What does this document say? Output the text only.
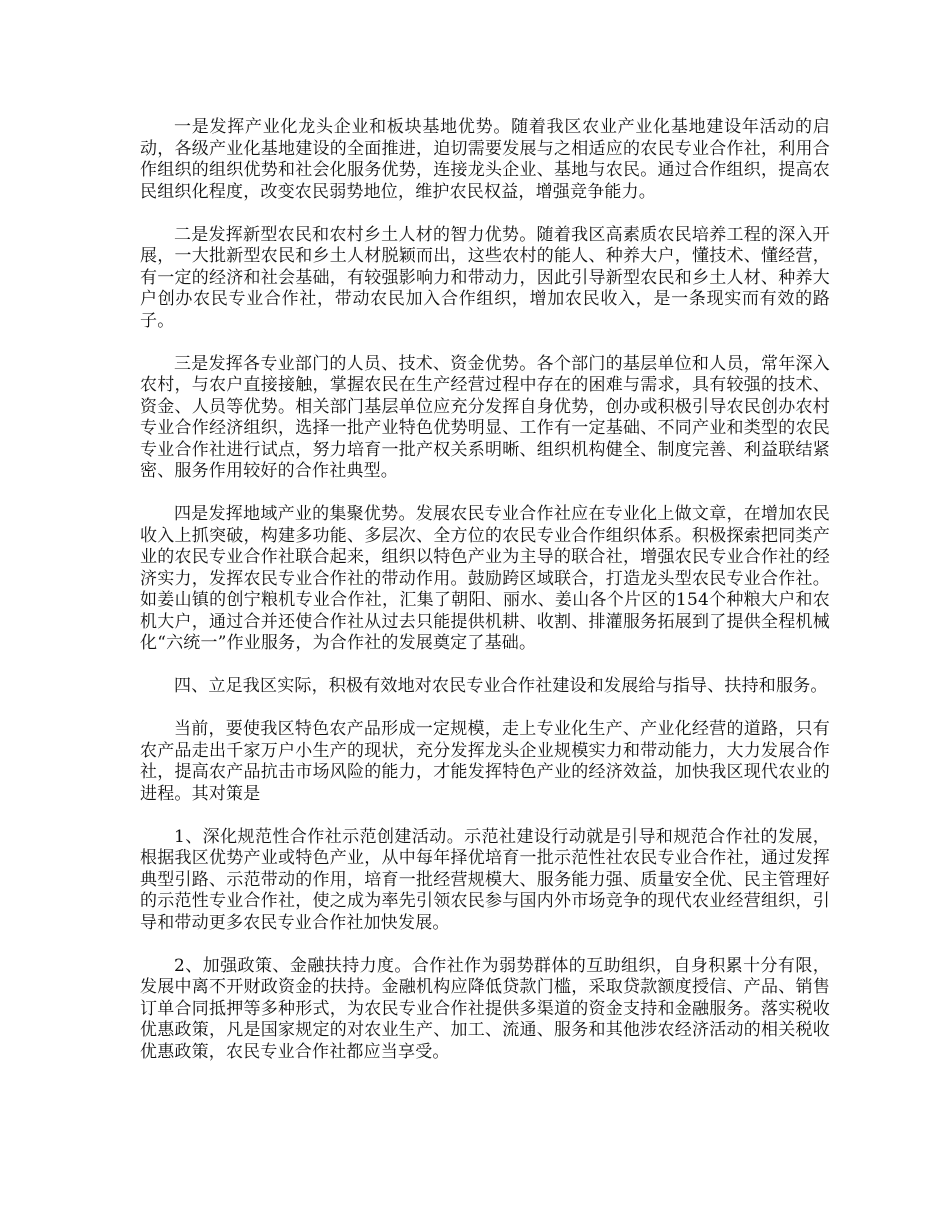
一是发挥产业化龙头企业和板块基地优势。随着我区农业产业化基地建设年活动的启动，各级产业化基地建设的全面推进，迫切需要发展与之相适应的农民专业合作社，利用合作组织的组织优势和社会化服务优势，连接龙头企业、基地与农民。通过合作组织，提高农民组织化程度，改变农民弱势地位，维护农民权益，增强竞争能力。

二是发挥新型农民和农村乡土人材的智力优势。随着我区高素质农民培养工程的深入开展，一大批新型农民和乡土人材脱颖而出，这些农村的能人、种养大户，懂技术、懂经营，有一定的经济和社会基础，有较强影响力和带动力，因此引导新型农民和乡土人材、种养大户创办农民专业合作社，带动农民加入合作组织，增加农民收入，是一条现实而有效的路子。

三是发挥各专业部门的人员、技术、资金优势。各个部门的基层单位和人员，常年深入农村，与农户直接接触，掌握农民在生产经营过程中存在的困难与需求，具有较强的技术、资金、人员等优势。相关部门基层单位应充分发挥自身优势，创办或积极引导农民创办农村专业合作经济组织，选择一批产业特色优势明显、工作有一定基础、不同产业和类型的农民专业合作社进行试点，努力培育一批产权关系明晰、组织机构健全、制度完善、利益联结紧密、服务作用较好的合作社典型。

四是发挥地域产业的集聚优势。发展农民专业合作社应在专业化上做文章，在增加农民收入上抓突破，构建多功能、多层次、全方位的农民专业合作组织体系。积极探索把同类产业的农民专业合作社联合起来，组织以特色产业为主导的联合社，增强农民专业合作社的经济实力，发挥农民专业合作社的带动作用。鼓励跨区域联合，打造龙头型农民专业合作社。如姜山镇的创宁粮机专业合作社，汇集了朝阳、丽水、姜山各个片区的154个种粮大户和农机大户，通过合并还使合作社从过去只能提供机耕、收割、排灌服务拓展到了提供全程机械化“六统一”作业服务，为合作社的发展奠定了基础。

四、立足我区实际，积极有效地对农民专业合作社建设和发展给与指导、扶持和服务。

当前，要使我区特色农产品形成一定规模，走上专业化生产、产业化经营的道路，只有农产品走出千家万户小生产的现状，充分发挥龙头企业规模实力和带动能力，大力发展合作社，提高农产品抗击市场风险的能力，才能发挥特色产业的经济效益，加快我区现代农业的进程。其对策是

1、深化规范性合作社示范创建活动。示范社建设行动就是引导和规范合作社的发展，根据我区优势产业或特色产业，从中每年择优培育一批示范性社农民专业合作社，通过发挥典型引路、示范带动的作用，培育一批经营规模大、服务能力强、质量安全优、民主管理好的示范性专业合作社，使之成为率先引领农民参与国内外市场竞争的现代农业经营组织，引导和带动更多农民专业合作社加快发展。

2、加强政策、金融扶持力度。合作社作为弱势群体的互助组织，自身积累十分有限，发展中离不开财政资金的扶持。金融机构应降低贷款门槛，采取贷款额度授信、产品、销售订单合同抵押等多种形式，为农民专业合作社提供多渠道的资金支持和金融服务。落实税收优惠政策，凡是国家规定的对农业生产、加工、流通、服务和其他涉农经济活动的相关税收优惠政策，农民专业合作社都应当享受。
